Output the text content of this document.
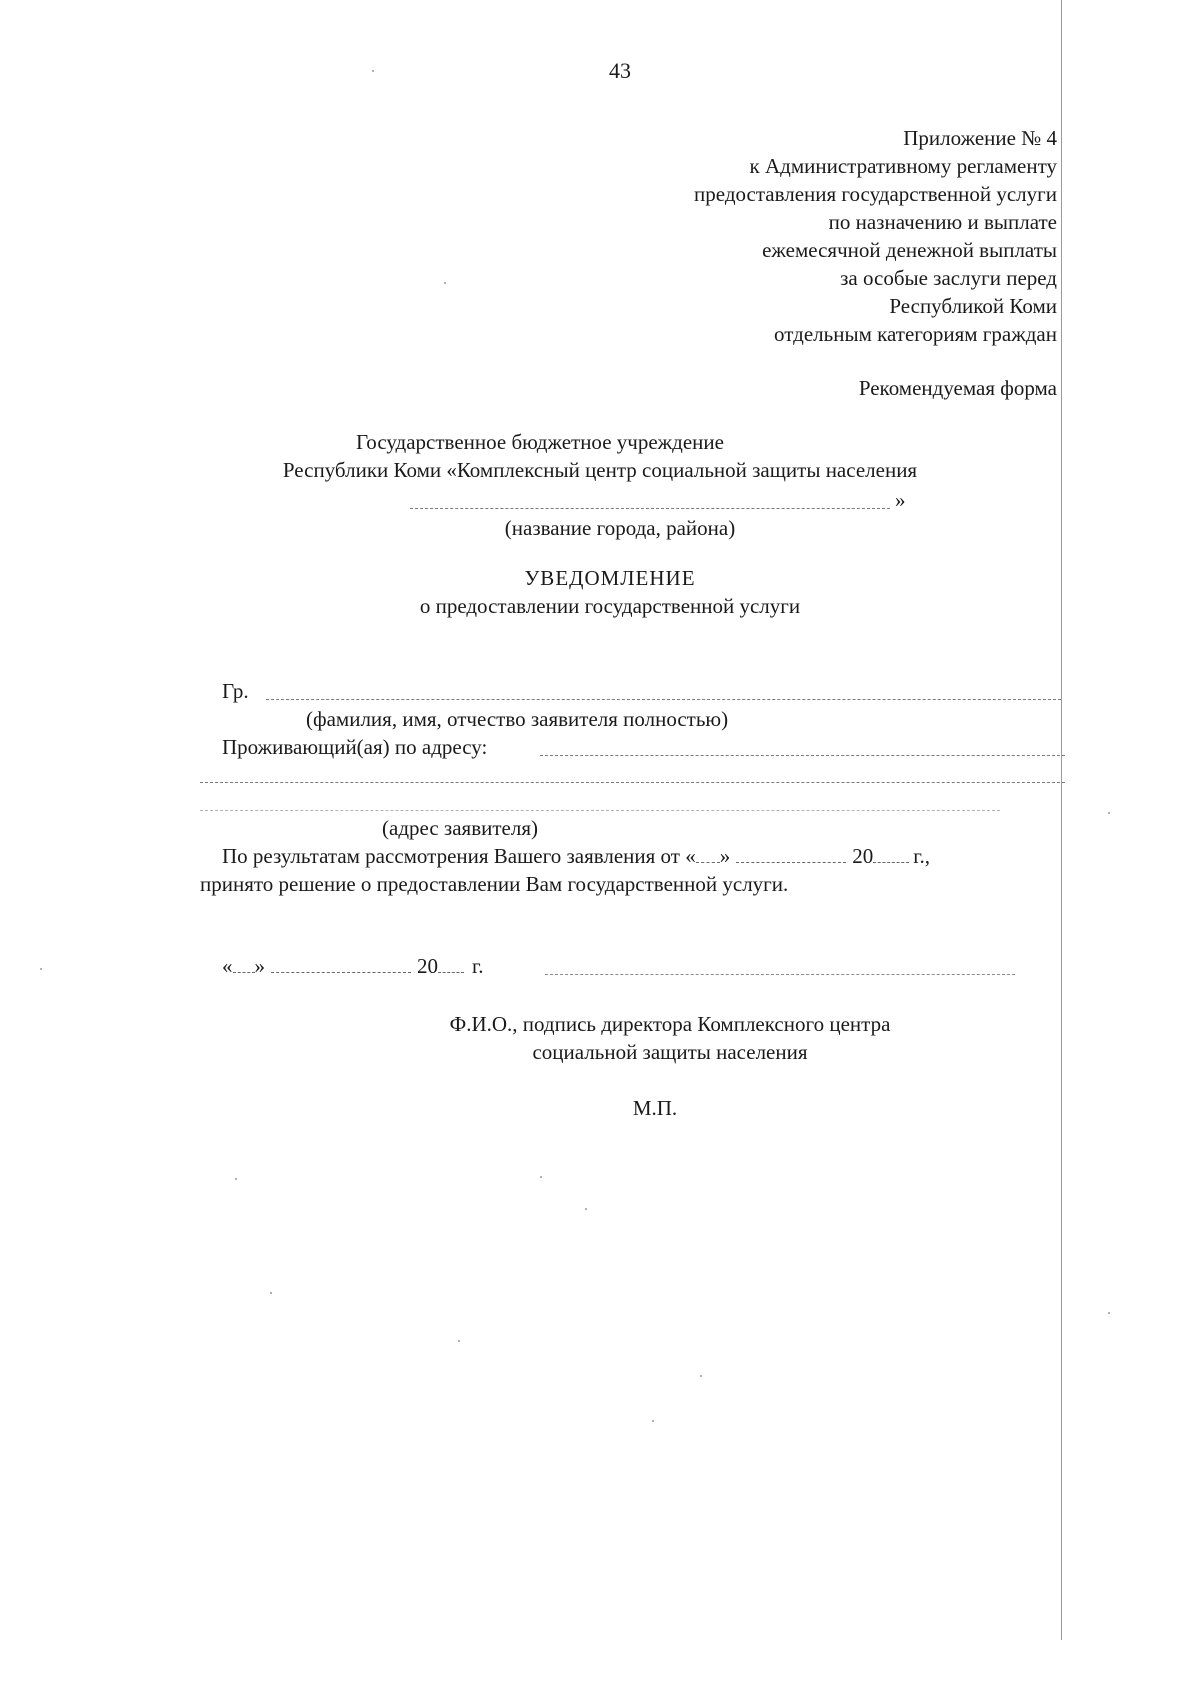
43
Приложение № 4
к Административному регламенту
предоставления государственной услуги
по назначению и выплате
ежемесячной денежной выплаты
за особые заслуги перед
Республикой Коми
отдельным категориям граждан
Рекомендуемая форма
Государственное бюджетное учреждение
Республики Коми «Комплексный центр социальной защиты населения
»
(название города, района)
УВЕДОМЛЕНИЕ
о предоставлении государственной услуги
Гр.
(фамилия, имя, отчество заявителя полностью)
Проживающий(ая) по адресу:
(адрес заявителя)
По результатам рассмотрения Вашего заявления от « »	20 г.,
принято решение о предоставлении Вам государственной услуги.
« »	20 г.
Ф.И.О., подпись директора Комплексного центра
социальной защиты населения
М.П.
